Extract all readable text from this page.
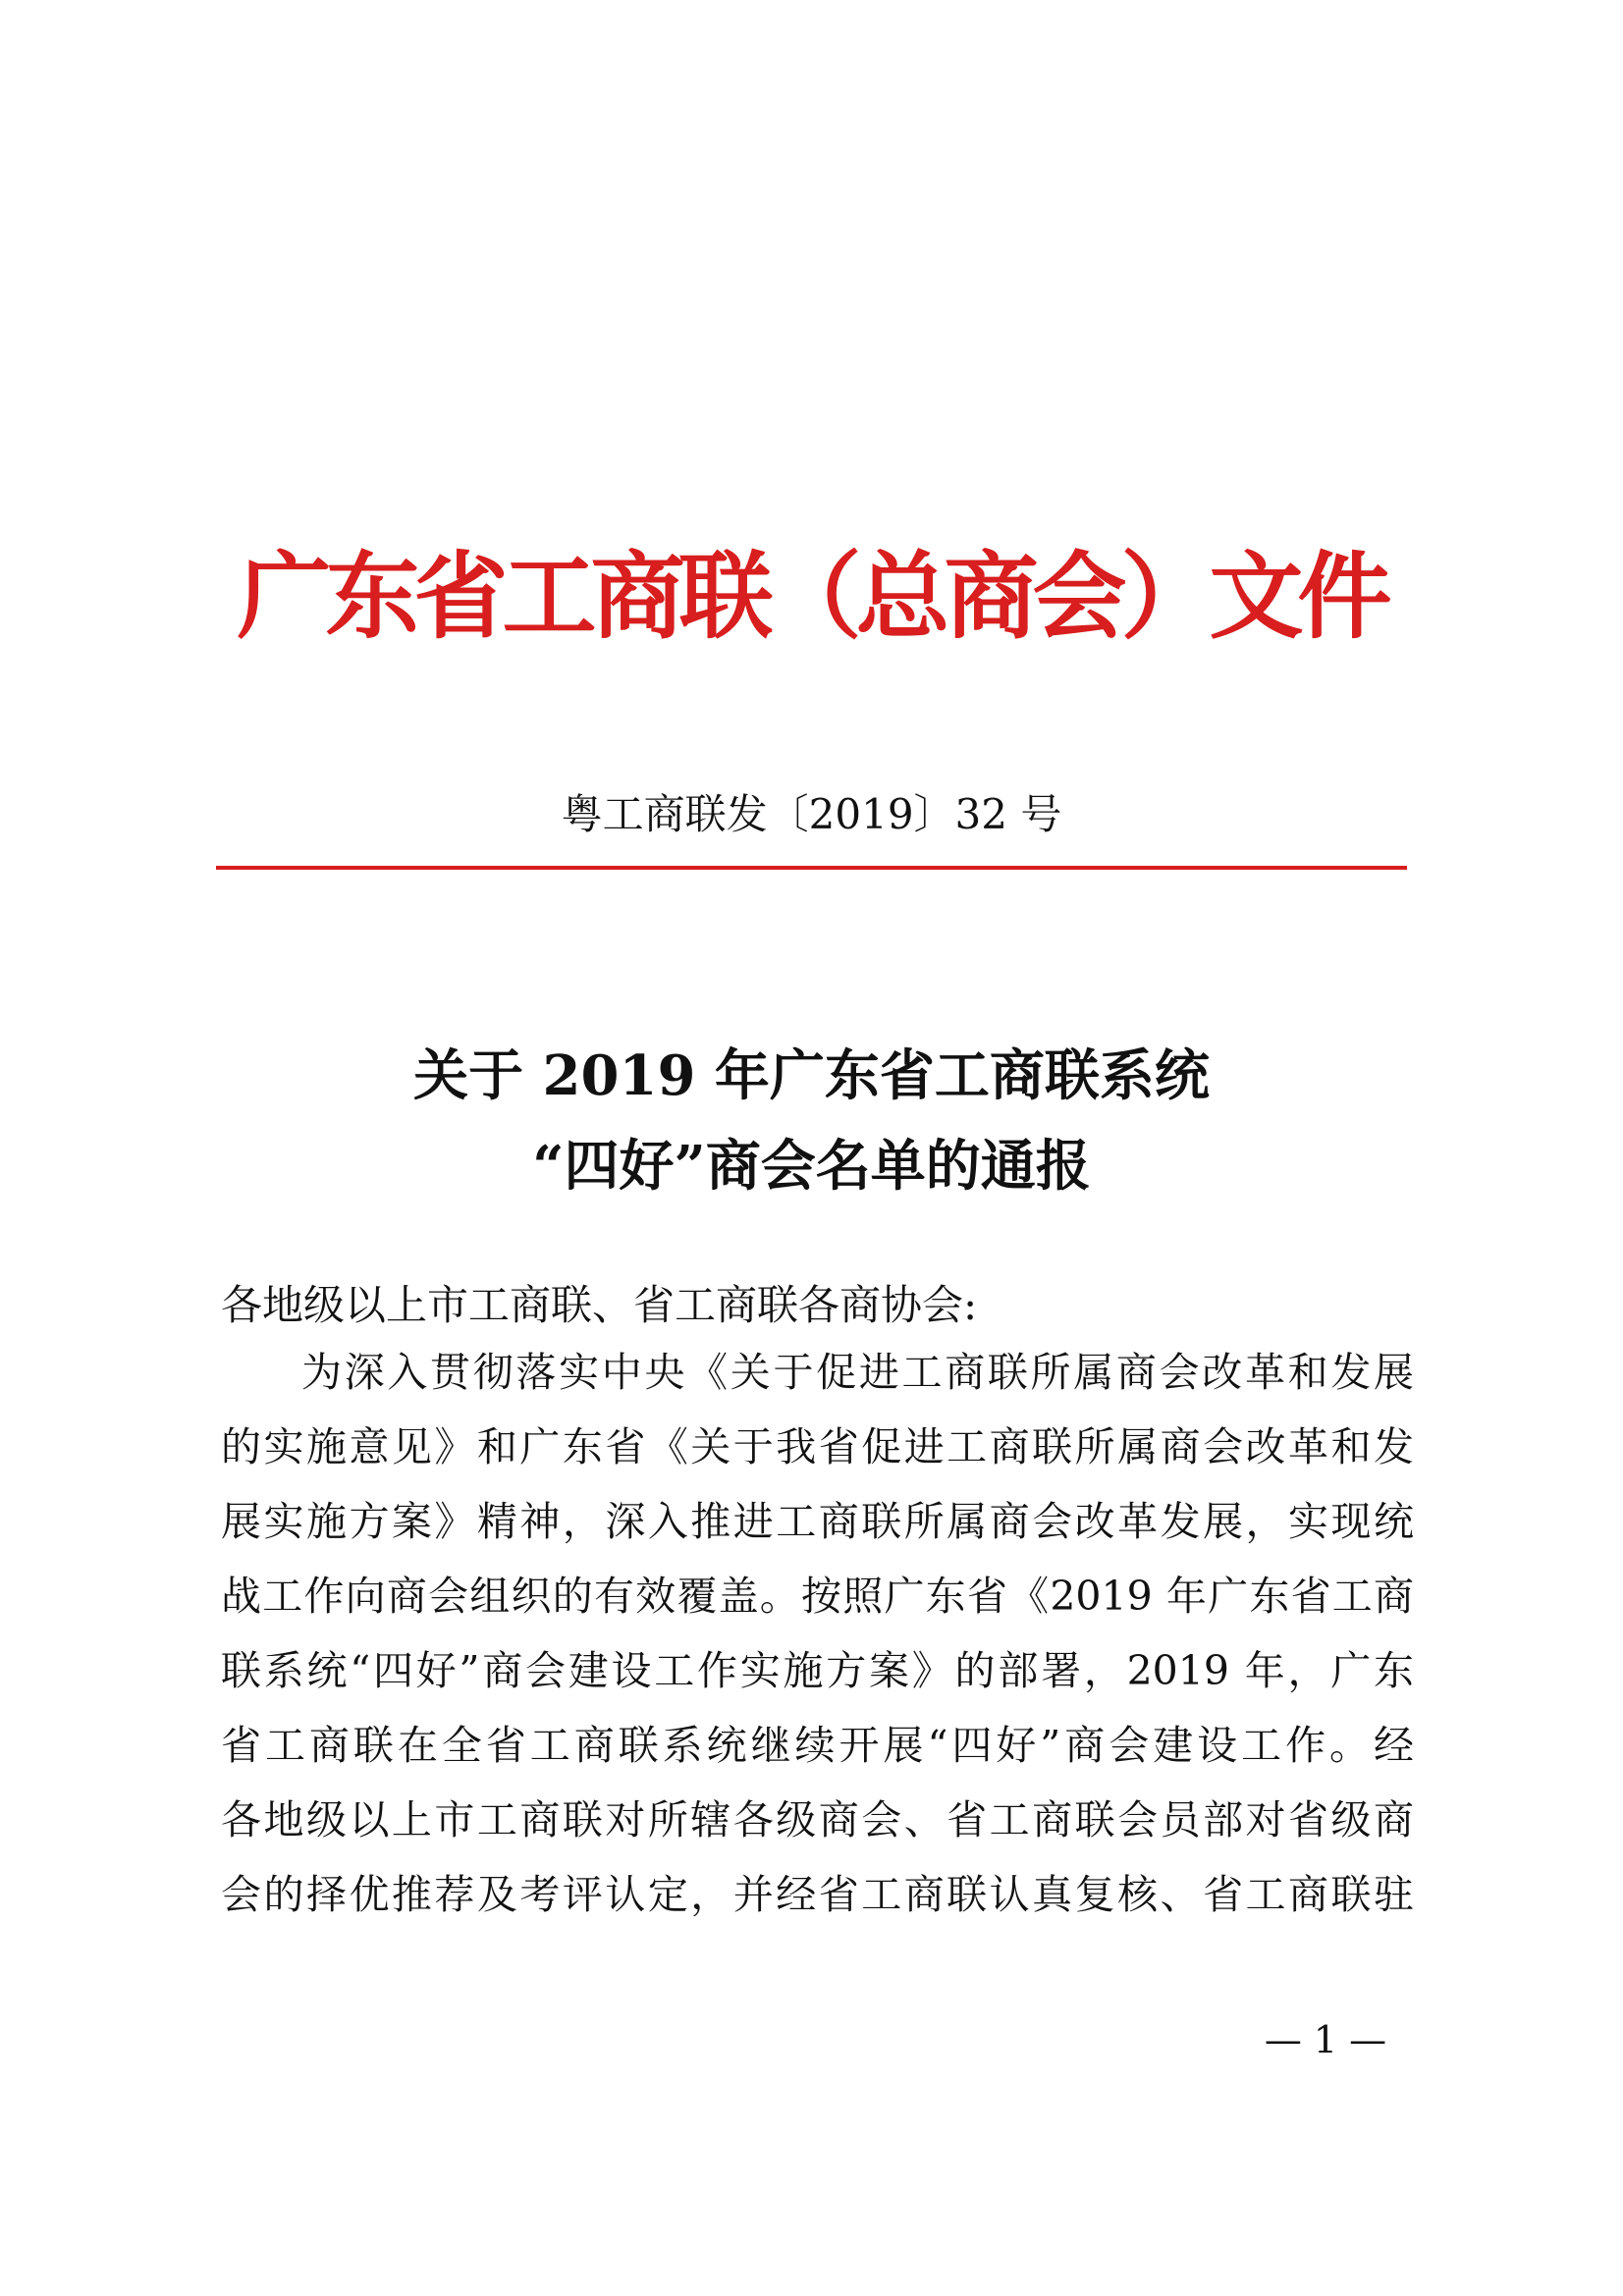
广东省工商联（总商会）文件
粤工商联发〔2019〕32 号
关于 2019 年广东省工商联系统
“四好”商会名单的通报
各地级以上市工商联、省工商联各商协会:
为深入贯彻落实中央《关于促进工商联所属商会改革和发展
的实施意见》和广东省《关于我省促进工商联所属商会改革和发
展实施方案》精神，深入推进工商联所属商会改革发展，实现统
战工作向商会组织的有效覆盖。按照广东省《2019 年广东省工商
联系统“四好”商会建设工作实施方案》的部署，2019 年，广东
省工商联在全省工商联系统继续开展“四好”商会建设工作。经
各地级以上市工商联对所辖各级商会、省工商联会员部对省级商
会的择优推荐及考评认定，并经省工商联认真复核、省工商联驻
— 1 —
